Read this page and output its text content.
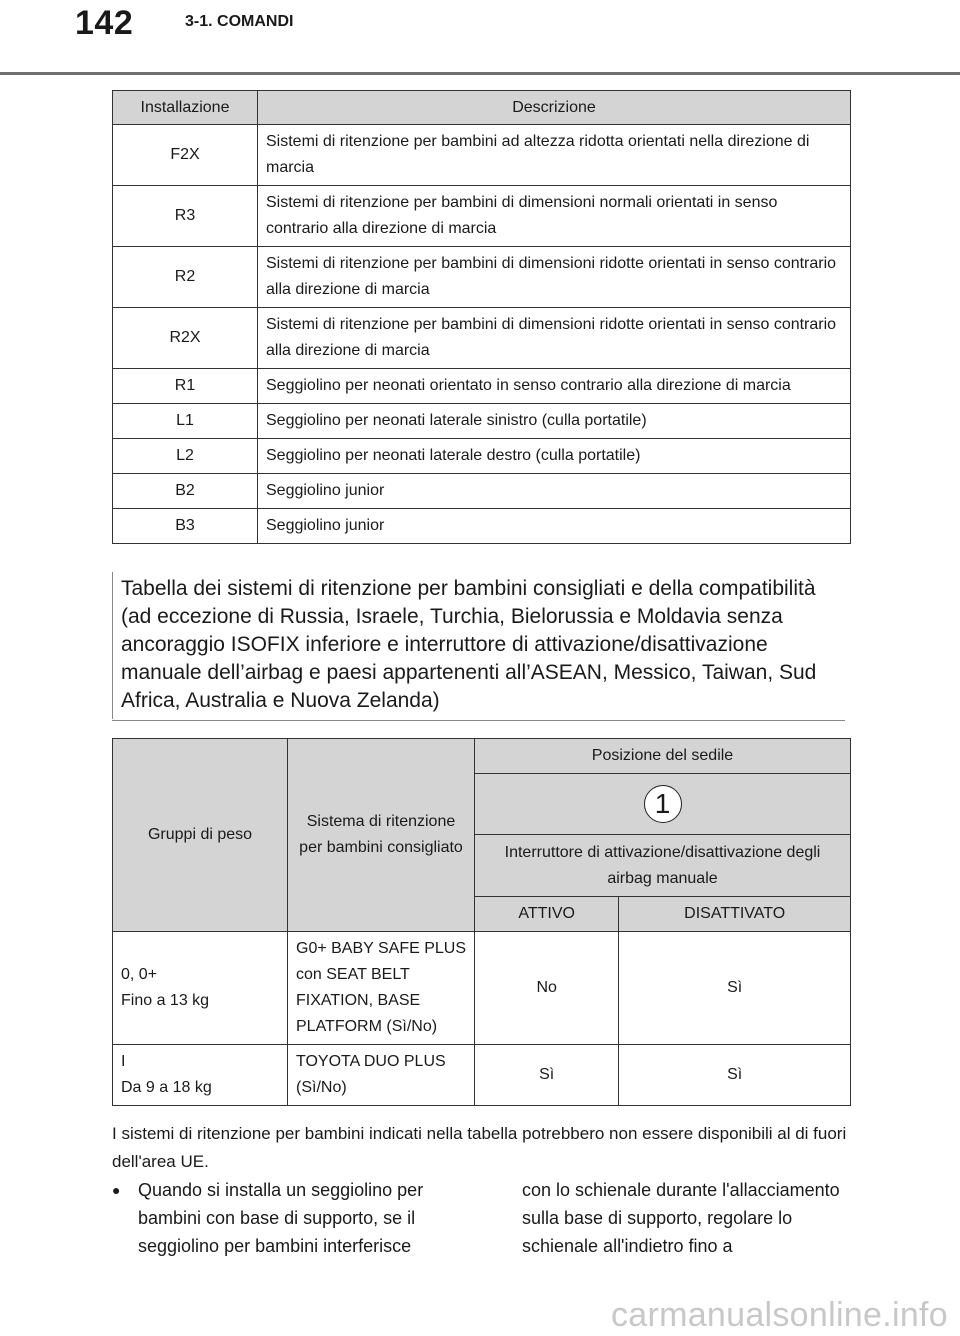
142	3-1. COMANDI
Installazione	Descrizione
F2X	Sistemi di ritenzione per bambini ad altezza ridotta orientati nella direzione di marcia
R3	Sistemi di ritenzione per bambini di dimensioni normali orientati in senso contrario alla direzione di marcia
R2	Sistemi di ritenzione per bambini di dimensioni ridotte orientati in senso contrario alla direzione di marcia
R2X	Sistemi di ritenzione per bambini di dimensioni ridotte orientati in senso contrario alla direzione di marcia
R1	Seggiolino per neonati orientato in senso contrario alla direzione di marcia
L1	Seggiolino per neonati laterale sinistro (culla portatile)
L2	Seggiolino per neonati laterale destro (culla portatile)
B2	Seggiolino junior
B3	Seggiolino junior
Tabella dei sistemi di ritenzione per bambini consigliati e della compatibilità (ad eccezione di Russia, Israele, Turchia, Bielorussia e Moldavia senza ancoraggio ISOFIX inferiore e interruttore di attivazione/disattivazione manuale dell’airbag e paesi appartenenti all’ASEAN, Messico, Taiwan, Sud Africa, Australia e Nuova Zelanda)
Gruppi di peso	Sistema di ritenzione per bambini consigliato	Posizione del sedile	
		1	
		Interruttore di attivazione/disattivazione degli airbag manuale	
		ATTIVO	DISATTIVATO

0, 0+
Fino a 13 kg	G0+ BABY SAFE PLUS con SEAT BELT FIXATION, BASE PLATFORM (Sì/No)	No	Sì

I
Da 9 a 18 kg	TOYOTA DUO PLUS (Sì/No)	Sì	Sì
I sistemi di ritenzione per bambini indicati nella tabella potrebbero non essere disponibili al di fuori dell'area UE.
● Quando si installa un seggiolino per bambini con base di supporto, se il seggiolino per bambini interferisce
con lo schienale durante l'allacciamento sulla base di supporto, regolare lo schienale all'indietro fino a
carmanualsonline.info
